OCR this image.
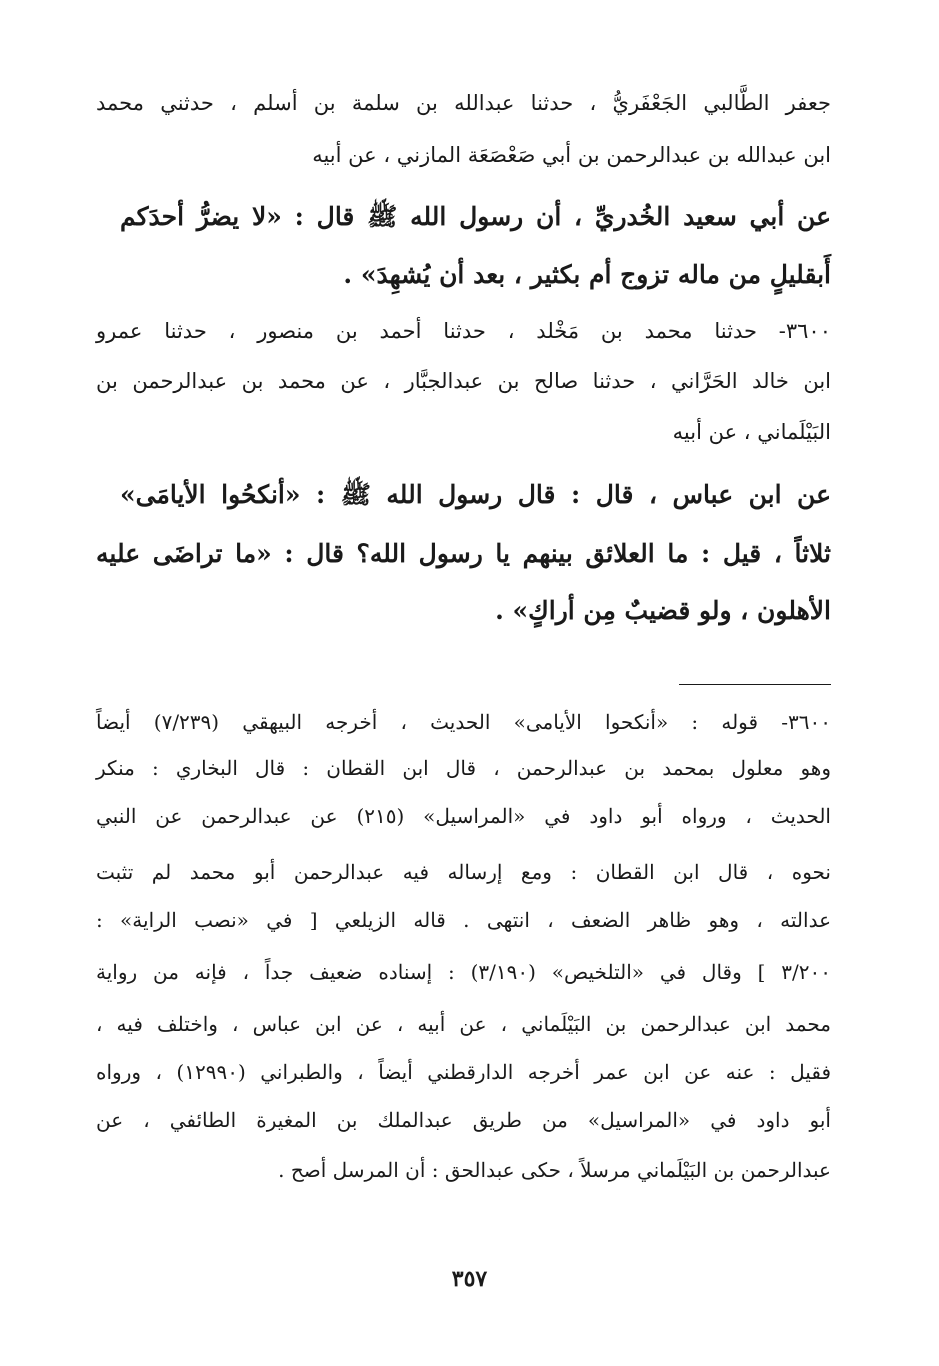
جعفر الطَّالبي الجَعْفَريُّ ، حدثنا عبدالله بن سلمة بن أسلم ، حدثني محمد
ابن عبدالله بن عبدالرحمن بن أبي صَعْصَعَة المازني ، عن أبيه
عن أبي سعيد الخُدريِّ ، أن رسول الله ﷺ قال : «لا يضرُّ أحدَكم
أَبقليلٍ من ماله تزوج أم بكثير ، بعد أن يُشهِدَ» .
٣٦٠٠- حدثنا محمد بن مَخْلد ، حدثنا أحمد بن منصور ، حدثنا عمرو
ابن خالد الحَرَّاني ، حدثنا صالح بن عبدالجبَّار ، عن محمد بن عبدالرحمن بن
البَيْلَماني ، عن أبيه
عن ابن عباس ، قال : قال رسول الله ﷺ : «أنكحُوا الأيامَى»
ثلاثاً ، قيل : ما العلائق بينهم يا رسول الله؟ قال : «ما تراضَى عليه
الأهلون ، ولو قضيبٌ مِن أراكٍ» .
٣٦٠٠- قوله : «أنكحوا الأيامى» الحديث ، أخرجه البيهقي (٧/٢٣٩) أيضاً
وهو معلول بمحمد بن عبدالرحمن ، قال ابن القطان : قال البخاري : منكر
الحديث ، ورواه أبو داود في «المراسيل» (٢١٥) عن عبدالرحمن عن النبي
نحوه ، قال ابن القطان : ومع إرساله فيه عبدالرحمن أبو محمد لم تثبت
عدالته ، وهو ظاهر الضعف ، انتهى . قاله الزيلعي [ في «نصب الراية» :
٣/٢٠٠ ] وقال في «التلخيص» (٣/١٩٠) : إسناده ضعيف جداً ، فإنه من رواية
محمد ابن عبدالرحمن بن البَيْلَماني ، عن أبيه ، عن ابن عباس ، واختلف فيه ،
فقيل : عنه عن ابن عمر أخرجه الدارقطني أيضاً ، والطبراني (١٢٩٩٠) ، ورواه
أبو داود في «المراسيل» من طريق عبدالملك بن المغيرة الطائفي ، عن
عبدالرحمن بن البَيْلَماني مرسلاً ، حكى عبدالحق : أن المرسل أصح .
٣٥٧
